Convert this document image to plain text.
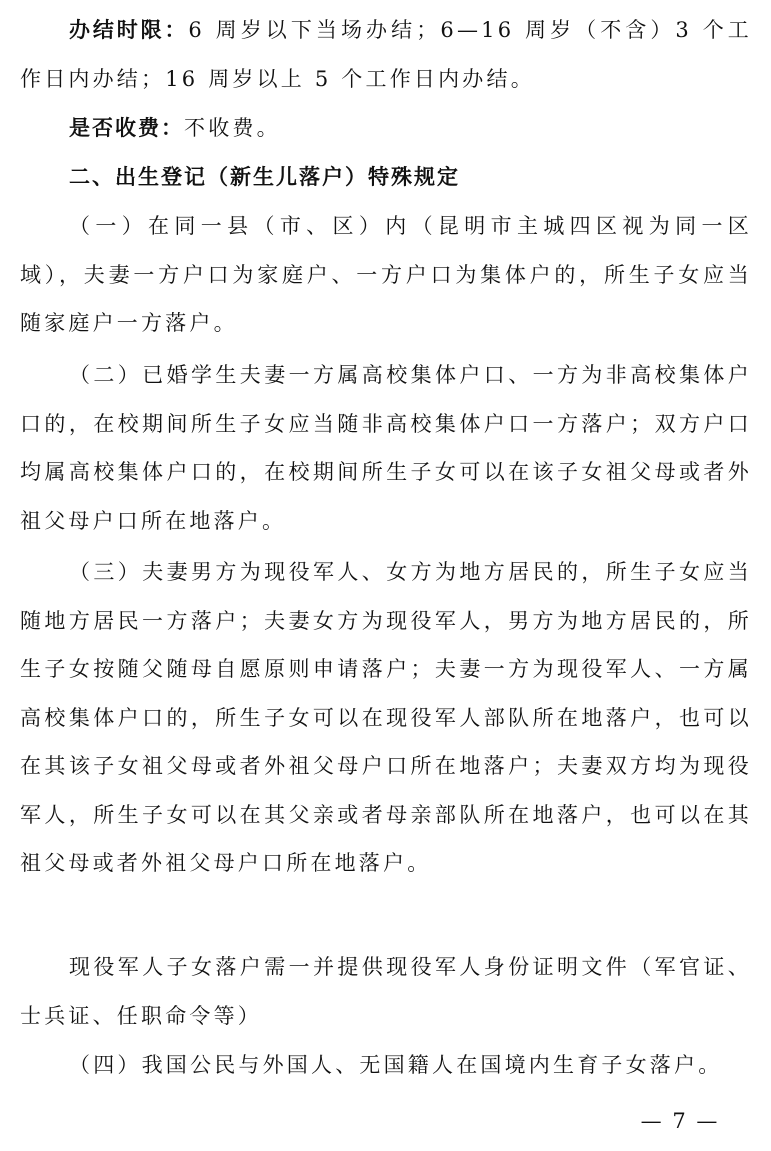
办结时限：6 周岁以下当场办结；6—16 周岁（不含）3 个工作日内办结；16 周岁以上 5 个工作日内办结。

是否收费：不收费。

二、出生登记（新生儿落户）特殊规定

（一）在同一县（市、区）内（昆明市主城四区视为同一区域），夫妻一方户口为家庭户、一方户口为集体户的，所生子女应当随家庭户一方落户。

（二）已婚学生夫妻一方属高校集体户口、一方为非高校集体户口的，在校期间所生子女应当随非高校集体户口一方落户；双方户口均属高校集体户口的，在校期间所生子女可以在该子女祖父母或者外祖父母户口所在地落户。

（三）夫妻男方为现役军人、女方为地方居民的，所生子女应当随地方居民一方落户；夫妻女方为现役军人，男方为地方居民的，所生子女按随父随母自愿原则申请落户；夫妻一方为现役军人、一方属高校集体户口的，所生子女可以在现役军人部队所在地落户，也可以在其该子女祖父母或者外祖父母户口所在地落户；夫妻双方均为现役军人，所生子女可以在其父亲或者母亲部队所在地落户，也可以在其祖父母或者外祖父母户口所在地落户。

现役军人子女落户需一并提供现役军人身份证明文件（军官证、士兵证、任职命令等）

（四）我国公民与外国人、无国籍人在国境内生育子女落户。

— 7 —
